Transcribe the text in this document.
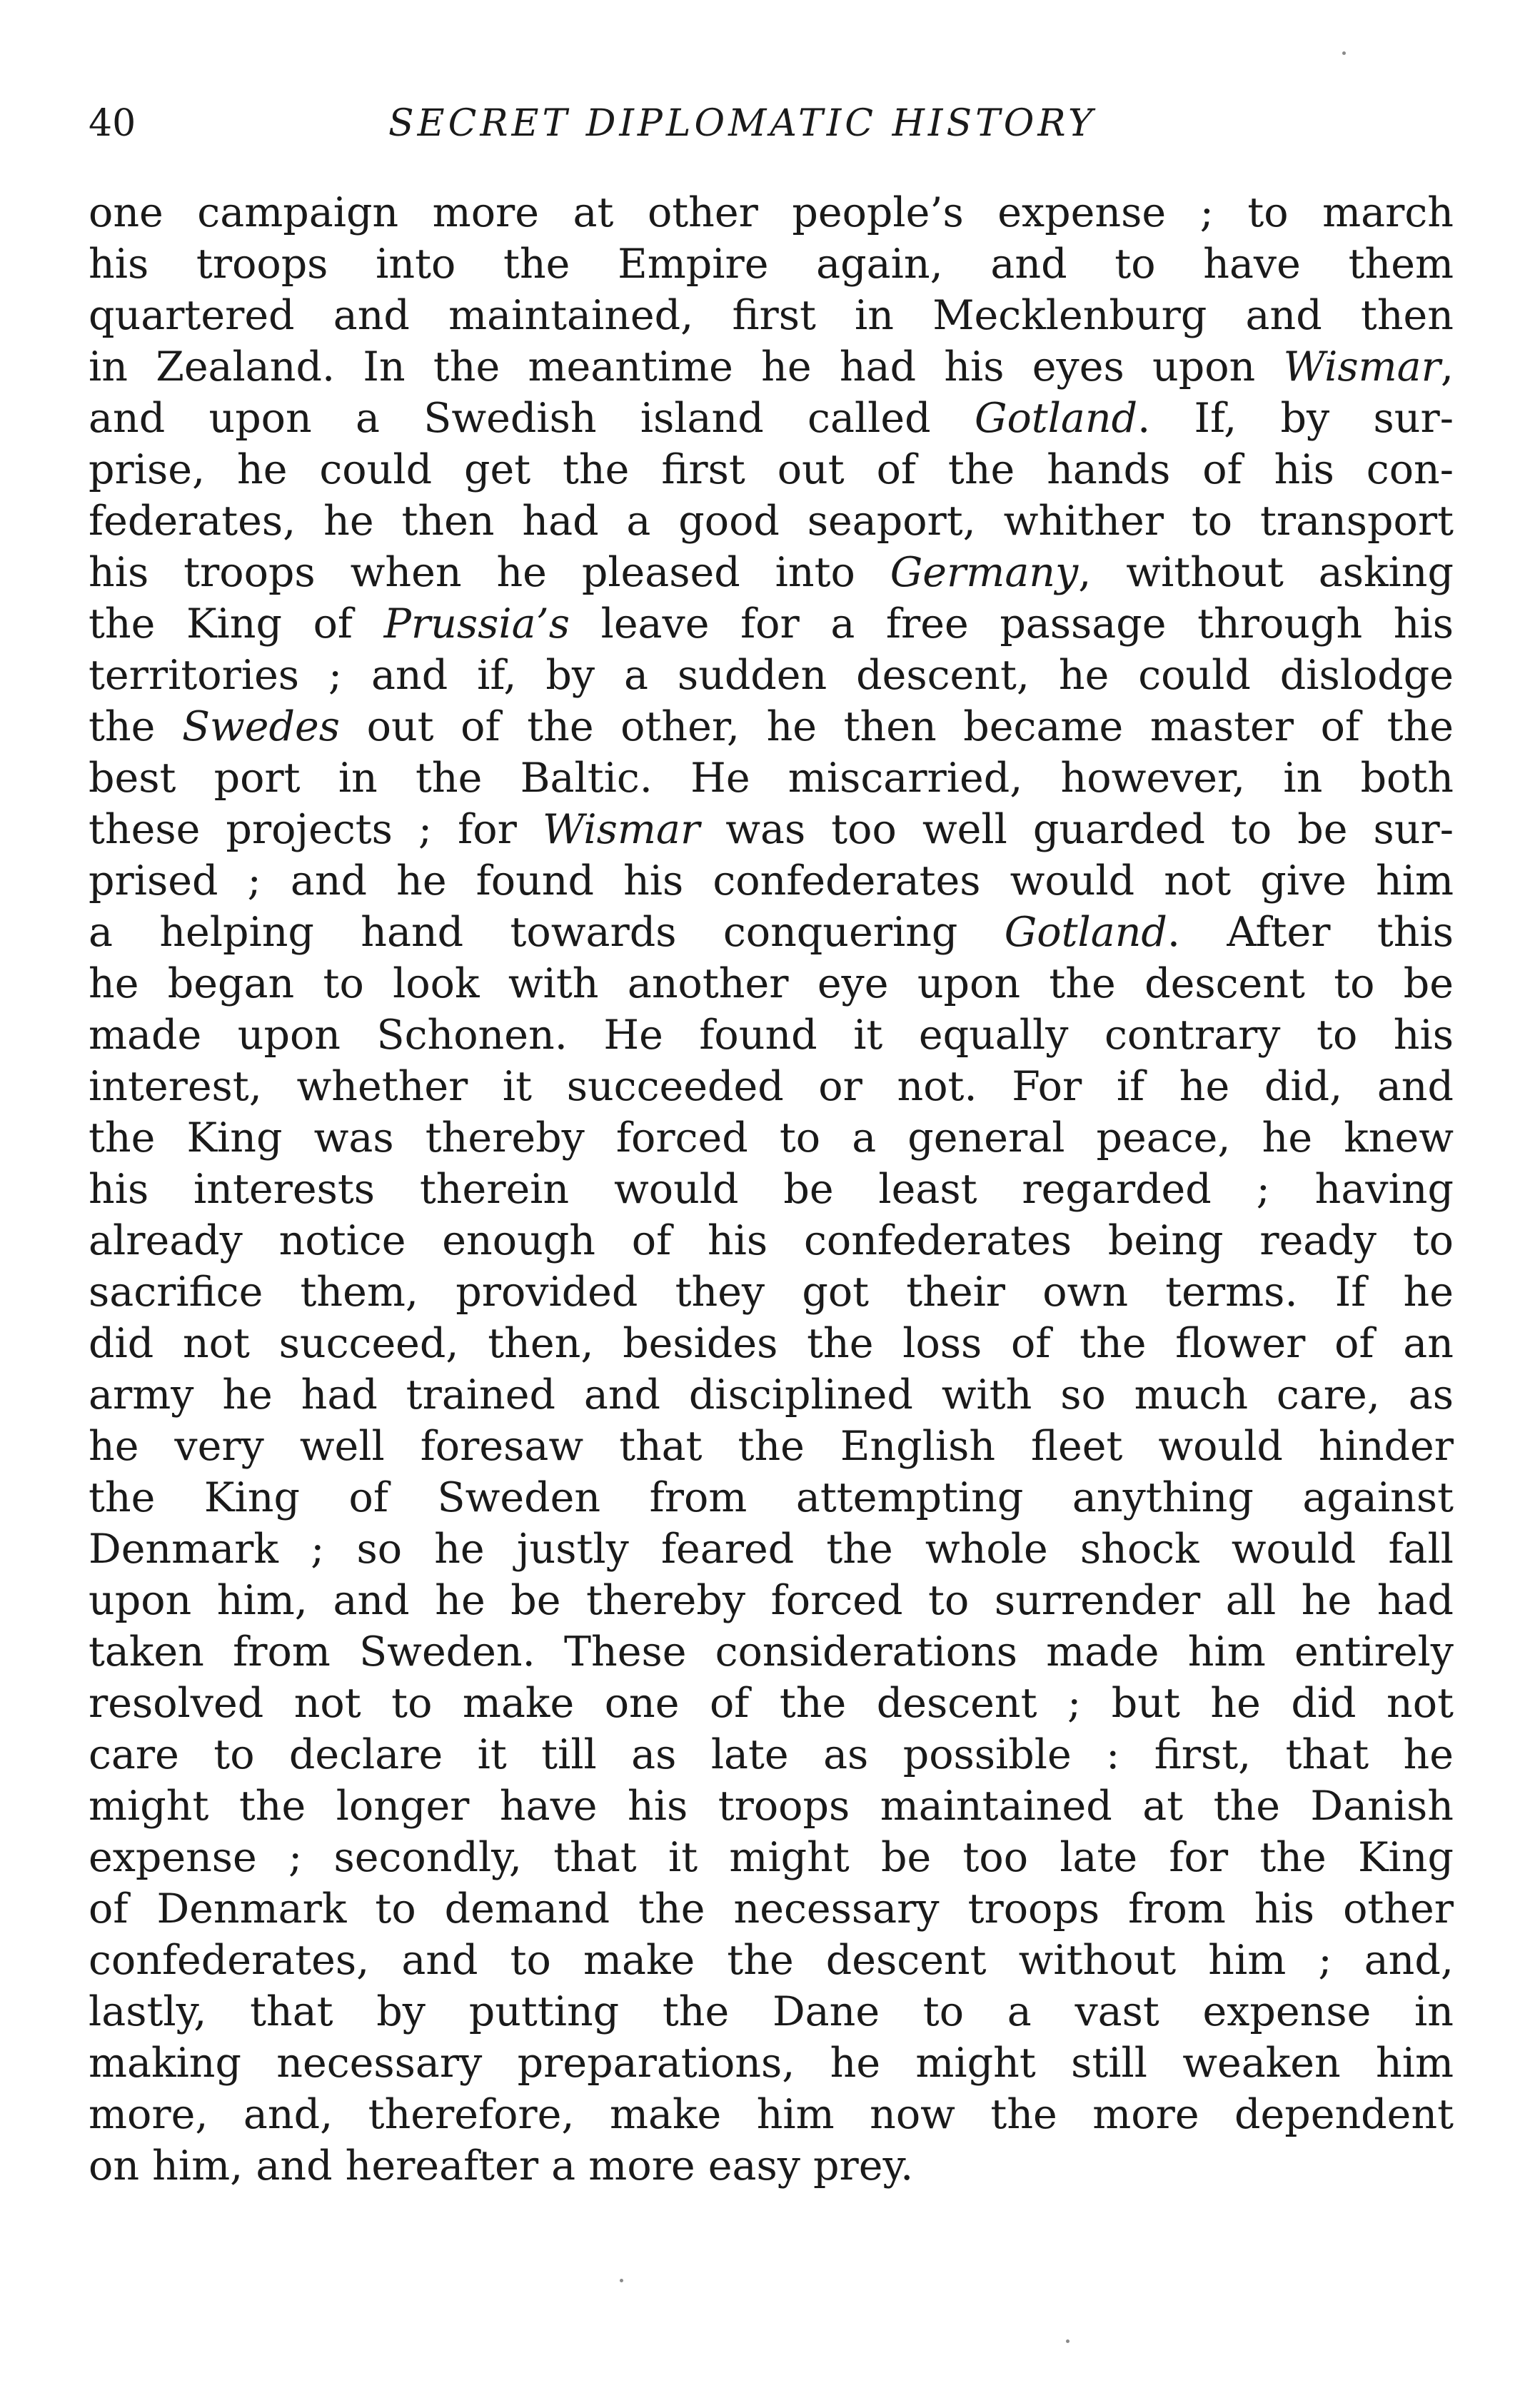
40	SECRET DIPLOMATIC HISTORY
one campaign more at other people’s expense ; to march
his troops into the Empire again, and to have them
quartered and maintained, first in Mecklenburg and then
in Zealand. In the meantime he had his eyes upon Wismar,
and upon a Swedish island called Gotland. If, by sur-
prise, he could get the first out of the hands of his con-
federates, he then had a good seaport, whither to transport
his troops when he pleased into Germany, without asking
the King of Prussia’s leave for a free passage through his
territories ; and if, by a sudden descent, he could dislodge
the Swedes out of the other, he then became master of the
best port in the Baltic. He miscarried, however, in both
these projects ; for Wismar was too well guarded to be sur-
prised ; and he found his confederates would not give him
a helping hand towards conquering Gotland. After this
he began to look with another eye upon the descent to be
made upon Schonen. He found it equally contrary to his
interest, whether it succeeded or not. For if he did, and
the King was thereby forced to a general peace, he knew
his interests therein would be least regarded ; having
already notice enough of his confederates being ready to
sacrifice them, provided they got their own terms. If he
did not succeed, then, besides the loss of the flower of an
army he had trained and disciplined with so much care, as
he very well foresaw that the English fleet would hinder
the King of Sweden from attempting anything against
Denmark ; so he justly feared the whole shock would fall
upon him, and he be thereby forced to surrender all he had
taken from Sweden. These considerations made him entirely
resolved not to make one of the descent ; but he did not
care to declare it till as late as possible : first, that he
might the longer have his troops maintained at the Danish
expense ; secondly, that it might be too late for the King
of Denmark to demand the necessary troops from his other
confederates, and to make the descent without him ; and,
lastly, that by putting the Dane to a vast expense in
making necessary preparations, he might still weaken him
more, and, therefore, make him now the more dependent
on him, and hereafter a more easy prey.
